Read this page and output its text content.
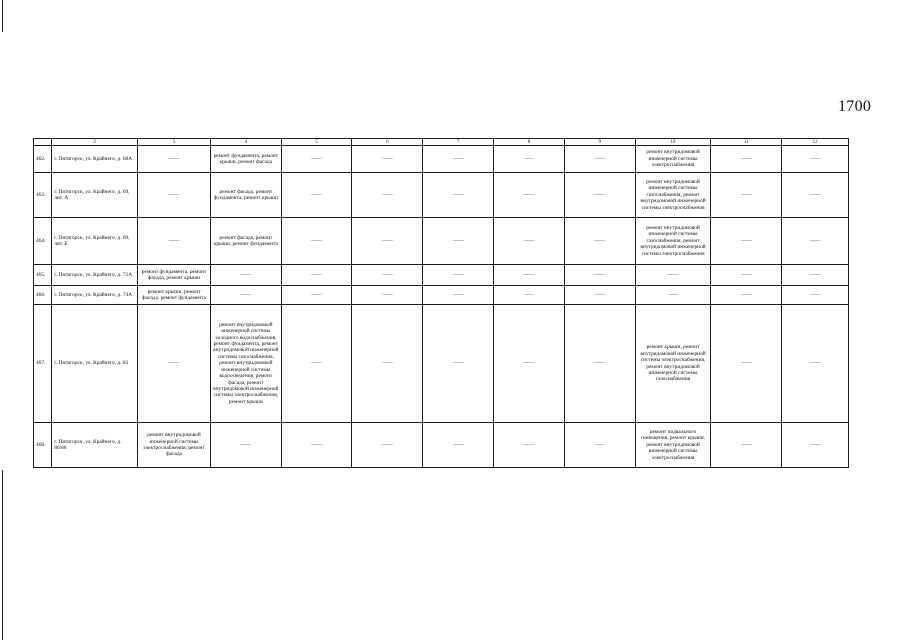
1700
	2	3	4	5	6	7	8	9	10	11	12
462.	г. Пятигорск, ул. Крайнего, д. 68А	——	ремонт фундамента, ремонт крыши, ремонт фасада	——	——	——	——	——	ремонт внутридомовой инженерной системы электроснабжения	——	——
463.	г. Пятигорск, ул. Крайнего, д. 69, лит. А	——	ремонт фасада, ремонт фундамента, ремонт крыши	——	——	——	——	——	ремонт внутридомовой инженерной системы газоснабжения, ремонт внутридомовой инженерной системы электроснабжения	——	——
464.	г. Пятигорск, ул. Крайнего, д. 69, лит. Б	——	ремонт фасада, ремонт крыши, ремонт фундамента	——	——	——	——	——	ремонт внутридомовой инженерной системы газоснабжения, ремонт внутридомовой инженерной системы электроснабжения	——	——
465.	г. Пятигорск, ул. Крайнего, д. 72А	ремонт фундамента, ремонт фасада, ремонт крыши	——	——	——	——	——	——	——	——	——
466.	г. Пятигорск, ул. Крайнего, д. 74А	ремонт крыши, ремонт фасада, ремонт фундамента	——	——	——	——	——	——	——	——	——
467.	г. Пятигорск, ул. Крайнего, д. 83	——	ремонт внутридомовой инженерной системы холодного водоснабжения, ремонт фундамента, ремонт внутридомовой инженерной системы газоснабжения, ремонт внутридомовой инженерной системы водоотведения, ремонт фасада, ремонт внутридомовой инженерной системы электроснабжения, ремонт крыши	——	——	——	——	——	ремонт крыши, ремонт внутридомовой инженерной системы электроснабжения, ремонт внутридомовой инженерной системы газоснабжения	——	——
468.	г. Пятигорск, ул. Крайнего, д. 86/86	ремонт внутридомовой инженерной системы электроснабжения, ремонт фасада	——	——	——	——	——	——	ремонт подвального помещения, ремонт крыши, ремонт внутридомовой инженерной системы электроснабжения	——	——
